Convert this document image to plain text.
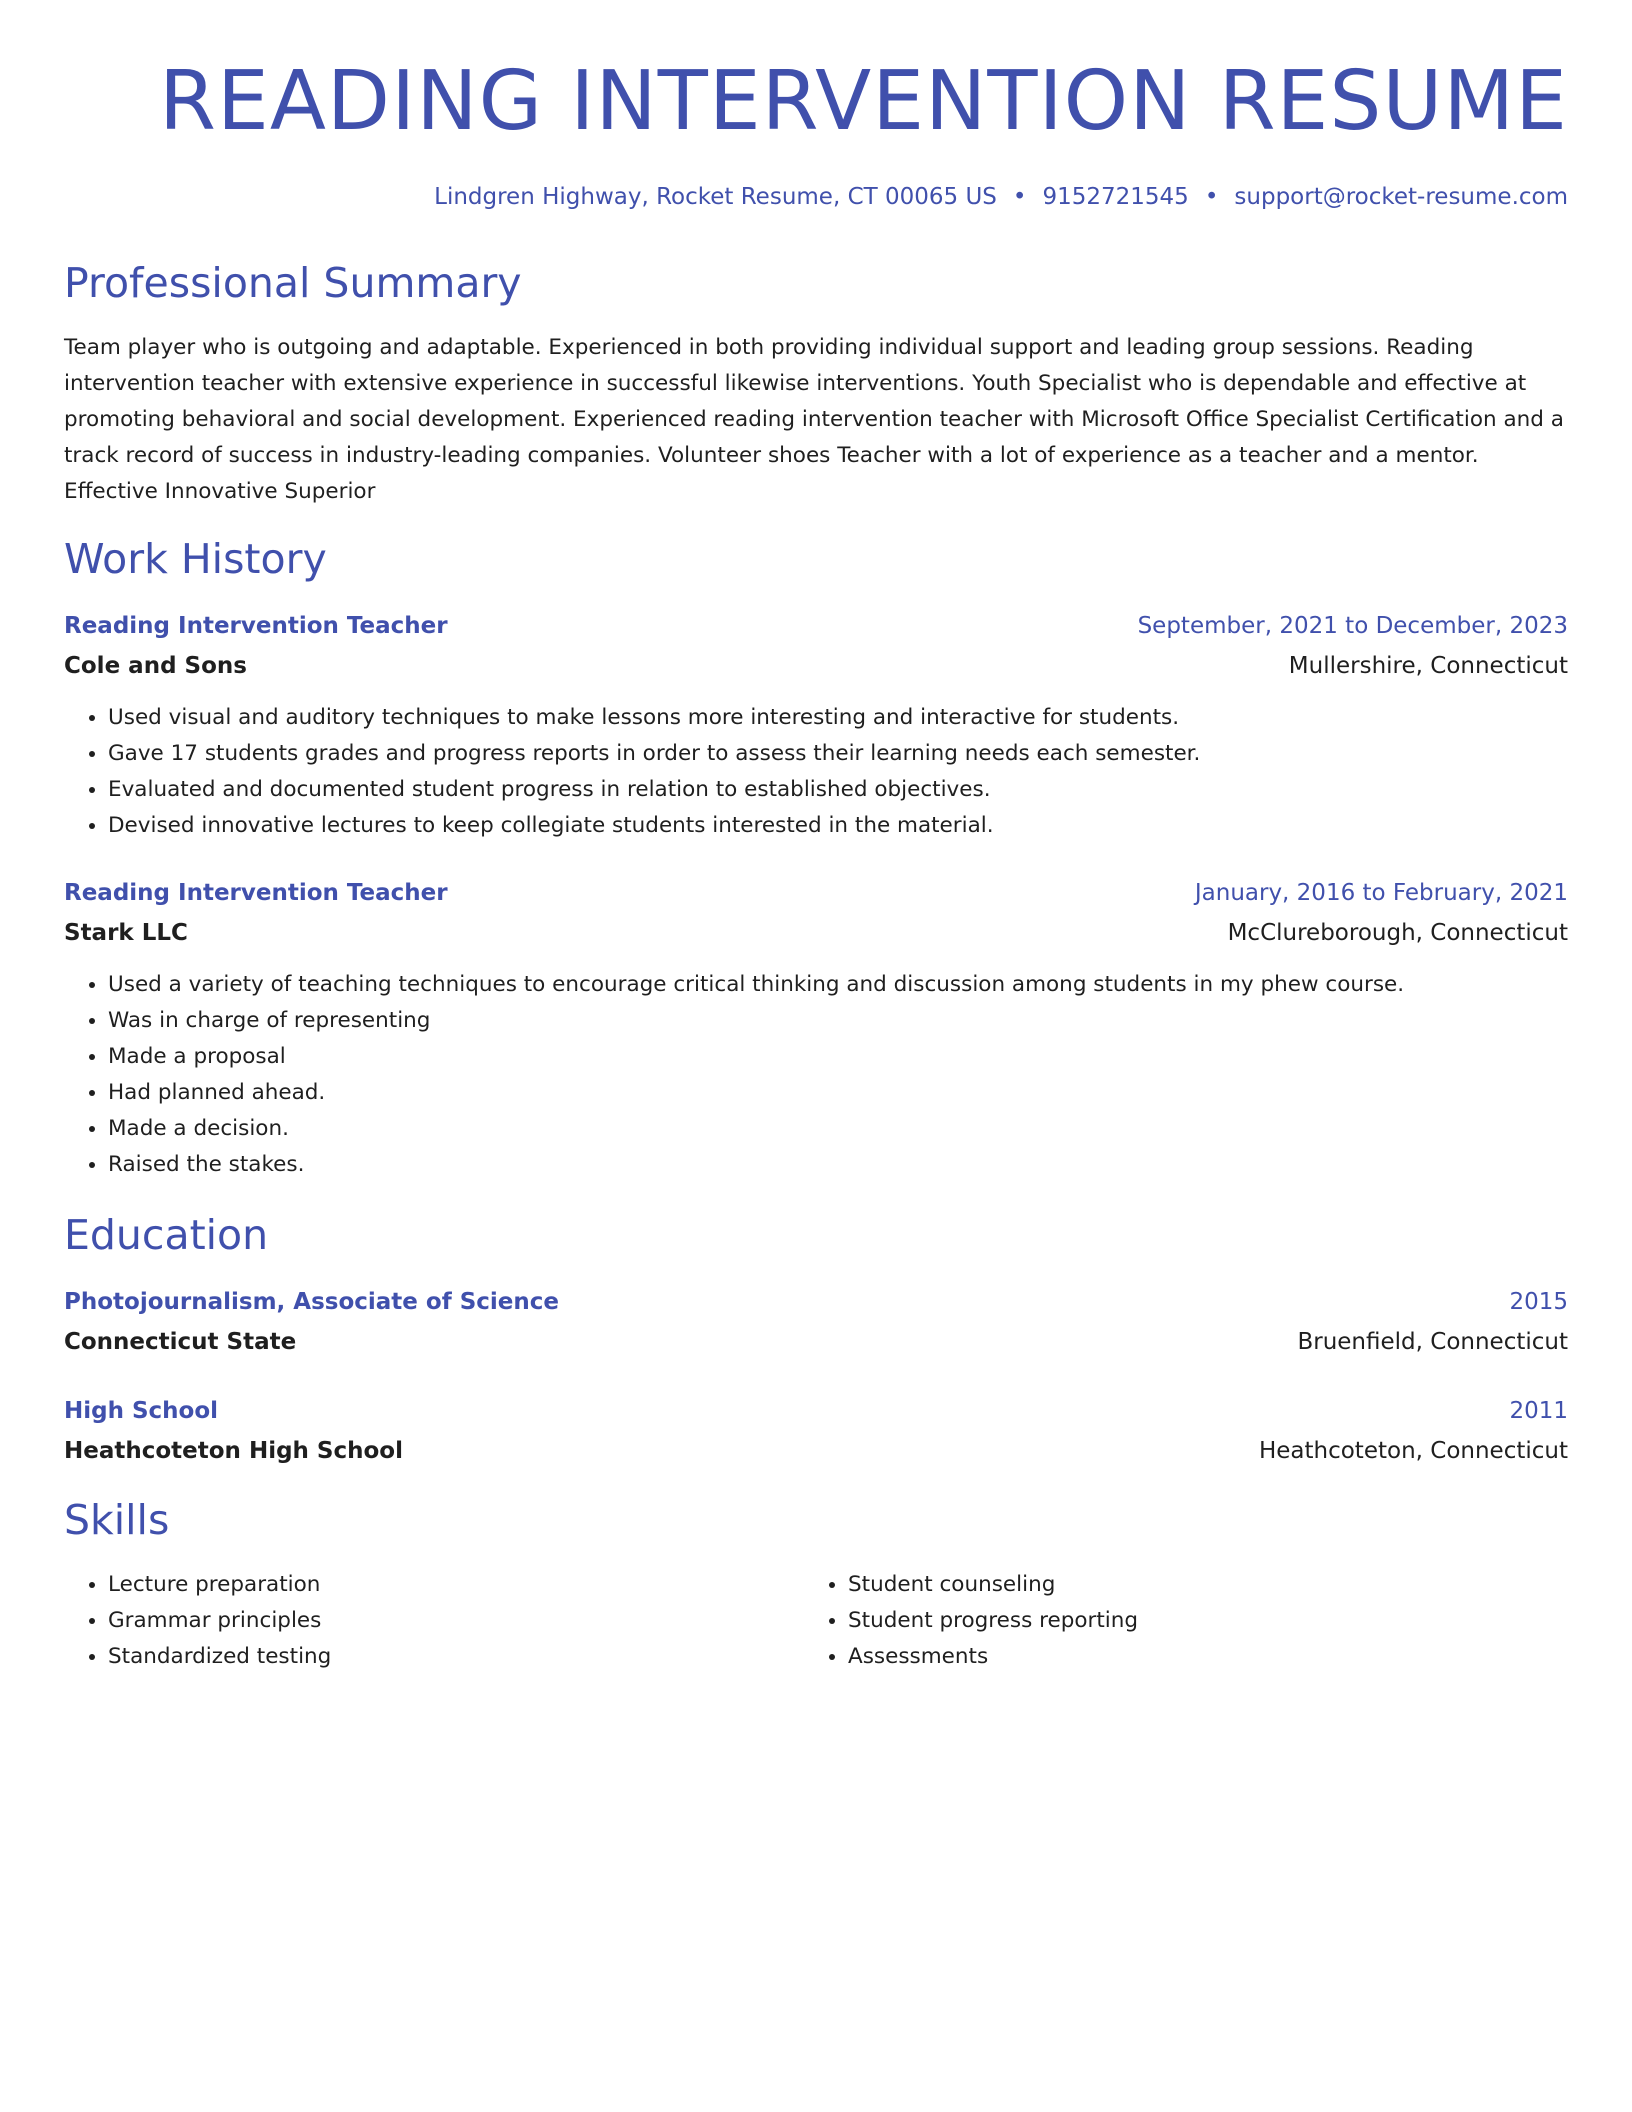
READING INTERVENTION RESUME
Lindgren Highway, Rocket Resume, CT 00065 US • 9152721545 • support@rocket-resume.com
Professional Summary

Team player who is outgoing and adaptable. Experienced in both providing individual support and leading group sessions. Reading intervention teacher with extensive experience in successful likewise interventions. Youth Specialist who is dependable and effective at promoting behavioral and social development. Experienced reading intervention teacher with Microsoft Office Specialist Certification and a track record of success in industry-leading companies. Volunteer shoes Teacher with a lot of experience as a teacher and a mentor. Effective Innovative Superior

Work History
Reading Intervention Teacher	September, 2021 to December, 2023
Cole and Sons	Mullershire, Connecticut
• Used visual and auditory techniques to make lessons more interesting and interactive for students.
• Gave 17 students grades and progress reports in order to assess their learning needs each semester.
• Evaluated and documented student progress in relation to established objectives.
• Devised innovative lectures to keep collegiate students interested in the material.
Reading Intervention Teacher	January, 2016 to February, 2021
Stark LLC	McClureborough, Connecticut
• Used a variety of teaching techniques to encourage critical thinking and discussion among students in my phew course.
• Was in charge of representing
• Made a proposal
• Had planned ahead.
• Made a decision.
• Raised the stakes.
Education
Photojournalism, Associate of Science	2015
Connecticut State	Bruenfield, Connecticut
High School	2011
Heathcoteton High School	Heathcoteton, Connecticut
Skills
• Lecture preparation
• Grammar principles
• Standardized testing
• Student counseling
• Student progress reporting
• Assessments
